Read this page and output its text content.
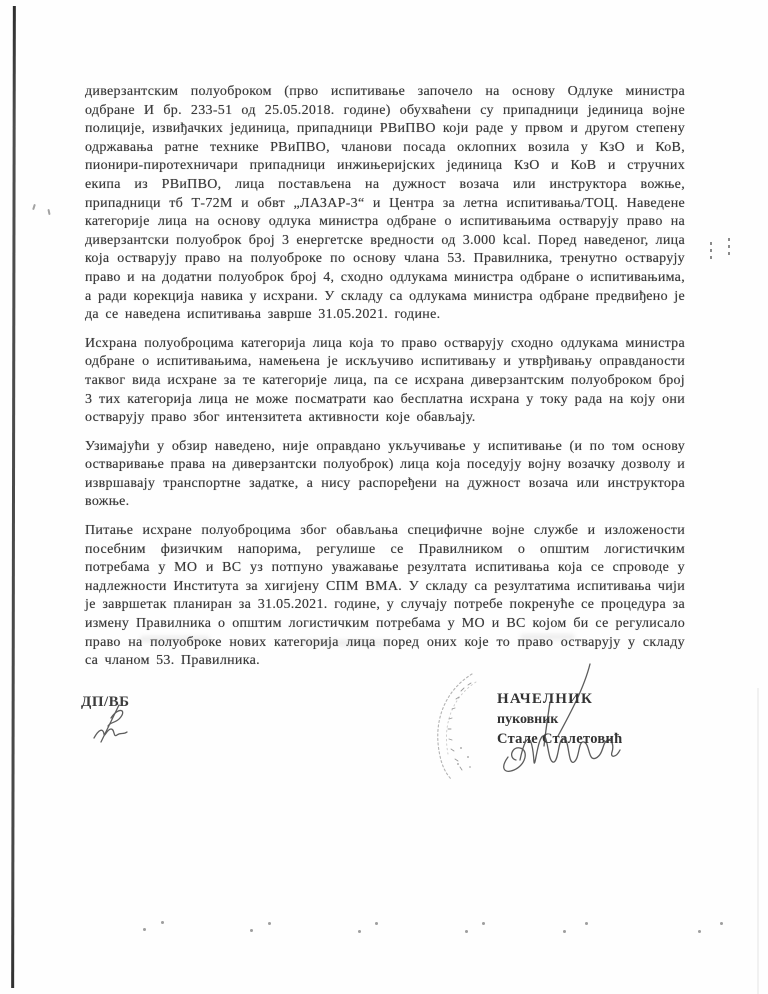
диверзантским полуоброком (прво испитивање започело на основу Одлуке министра одбране И бр. 233-51 од 25.05.2018. године) обухваћени су припадници јединица војне полиције, извиђачких јединица, припадници РВиПВО који раде у првом и другом степену одржавања ратне технике РВиПВО, чланови посада оклопних возила у КзО и КоВ, пионири-пиротехничари припадници инжињеријских јединица КзО и КоВ и стручних екипа из РВиПВО, лица постављена на дужност возача или инструктора вожње, припадници тб Т-72М и обвт „ЛАЗАР-3“ и Центра за летна испитивања/ТОЦ. Наведене категорије лица на основу одлука министра одбране о испитивањима остварују право на диверзантски полуоброк број 3 енергетске вредности од 3.000 kcal. Поред наведеног, лица која остварују право на полуоброке по основу члана 53. Правилника, тренутно остварују право и на додатни полуоброк број 4, сходно одлукама министра одбране о испитивањима, а ради корекција навика у исхрани. У складу са одлукама министра одбране предвиђено је да се наведена испитивања заврше 31.05.2021. године.

Исхрана полуоброцима категорија лица која то право остварују сходно одлукама министра одбране о испитивањима, намењена је искључиво испитивању и утврђивању оправданости таквог вида исхране за те категорије лица, па се исхрана диверзантским полуоброком број 3 тих категорија лица не може посматрати као бесплатна исхрана у току рада на коју они остварују право због интензитета активности које обављају.

Узимајући у обзир наведено, није оправдано укључивање у испитивање (и по том основу остваривање права на диверзантски полуоброк) лица која поседују војну возачку дозволу и извршавају транспортне задатке, а нису распоређени на дужност возача или инструктора вожње.

Питање исхране полуоброцима због обављања специфичне војне службе и изложености посебним физичким напорима, регулише се Правилником о општим логистичким потребама у МО и ВС уз потпуно уважавање резултата испитивања која се спроводе у надлежности Института за хигијену СПМ ВМА. У складу са резултатима испитивања чији је завршетак планиран за 31.05.2021. године, у случају потребе покренуће се процедура за измену Правилника о општим логистичким потребама у МО и ВС којом би се регулисало право на полуоброке нових категорија лица поред оних које то право остварују у складу са чланом 53. Правилника.

ДП/ВБ	НАЧЕЛНИК
пуковник
Стале Сталетовић
